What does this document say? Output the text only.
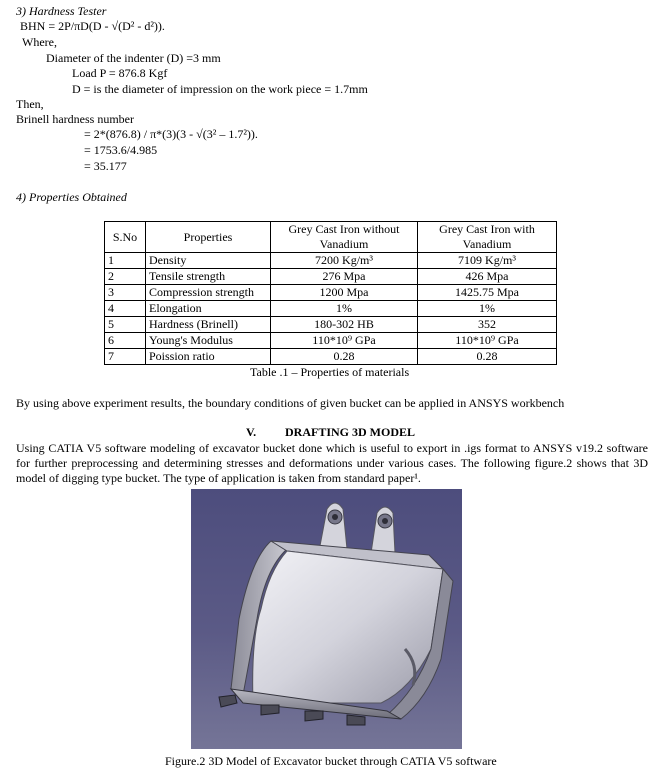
3) Hardness Tester
BHN = 2P/πD(D - √(D² - d²)).
Where,
Diameter of the indenter (D) =3 mm
Load P = 876.8 Kgf
D = is the diameter of impression on the work piece = 1.7mm
Then,
Brinell hardness number
= 2*(876.8) / π*(3)(3 - √(3² – 1.7²)).
= 1753.6/4.985
= 35.177
4) Properties Obtained
S.No	Properties	Grey Cast Iron without Vanadium	Grey Cast Iron with Vanadium
1	Density	7200 Kg/m³	7109 Kg/m³
2	Tensile strength	276 Mpa	426 Mpa
3	Compression strength	1200 Mpa	1425.75 Mpa
4	Elongation	1%	1%
5	Hardness (Brinell)	180-302 HB	352
6	Young's Modulus	110*10⁹ GPa	110*10⁹ GPa
7	Poission ratio	0.28	0.28
Table .1 – Properties of materials
By using above experiment results, the boundary conditions of given bucket can be applied in ANSYS workbench
V. DRAFTING 3D MODEL
Using CATIA V5 software modeling of excavator bucket done which is useful to export in .igs format to ANSYS v19.2 software for further preprocessing and determining stresses and deformations under various cases. The following figure.2 shows that 3D model of digging type bucket. The type of application is taken from standard paper¹.
Figure.2 3D Model of Excavator bucket through CATIA V5 software
